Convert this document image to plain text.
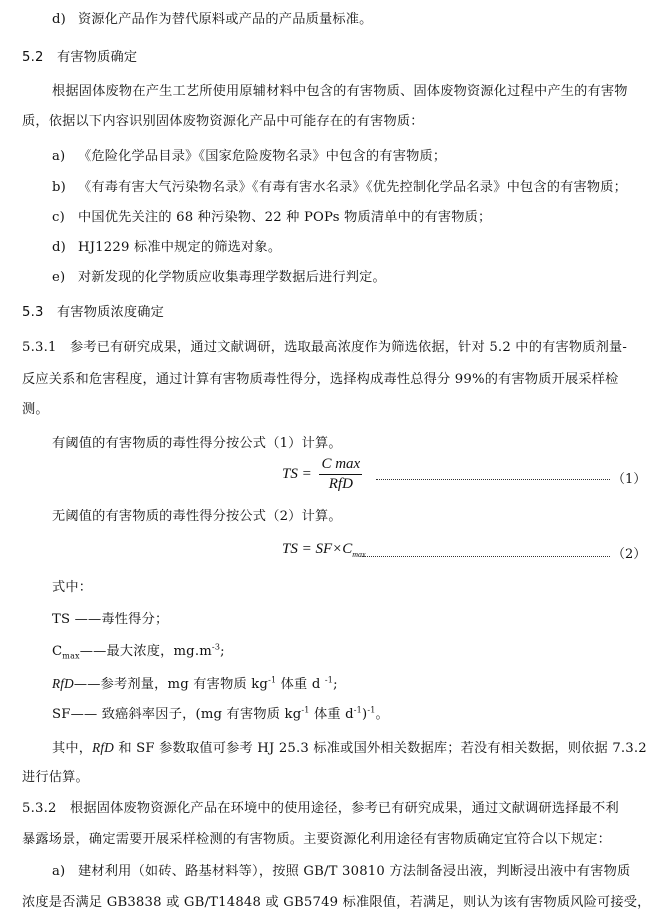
d) 资源化产品作为替代原料或产品的产品质量标准。
5.2　有害物质确定
根据固体废物在产生工艺所使用原辅材料中包含的有害物质、固体废物资源化过程中产生的有害物
质，依据以下内容识别固体废物资源化产品中可能存在的有害物质：
a) 《危险化学品目录》《国家危险废物名录》中包含的有害物质；
b) 《有毒有害大气污染物名录》《有毒有害水名录》《优先控制化学品名录》中包含的有害物质；
c) 中国优先关注的 68 种污染物、22 种 POPs 物质清单中的有害物质；
d) HJ1229 标准中规定的筛选对象。
e) 对新发现的化学物质应收集毒理学数据后进行判定。
5.3　有害物质浓度确定
5.3.1　参考已有研究成果，通过文献调研，选取最高浓度作为筛选依据，针对 5.2 中的有害物质剂量-
反应关系和危害程度，通过计算有害物质毒性得分，选择构成毒性总得分 99%的有害物质开展采样检
测。
有阈值的有害物质的毒性得分按公式（1）计算。
TS = $\frac{\text{C max}}{\text{RfD}}$	（1）
无阈值的有害物质的毒性得分按公式（2）计算。
TS = $SF\times C_{max}$	（2）
式中：
TS ——毒性得分；
$C_{max}——$最大浓度，$mg.m^{-3}$;
RfD——参考剂量，mg 有害物质 $kg^{-1}$ 体重 d $^{-1}$;
SF—— 致癌斜率因子，(mg 有害物质 $kg^{-1}$ 体重 $d^{-1})^{-1}$。
其中，RfD 和 SF 参数取值可参考 HJ 25.3 标准或国外相关数据库；若没有相关数据，则依据 7.3.2
进行估算。
5.3.2　根据固体废物资源化产品在环境中的使用途径，参考已有研究成果，通过文献调研选择最不利
暴露场景，确定需要开展采样检测的有害物质。主要资源化利用途径有害物质确定宜符合以下规定：
a) 建材利用（如砖、路基材料等），按照 GB/T 30810 方法制备浸出液，判断浸出液中有害物质
浓度是否满足 GB3838 或 GB/T14848 或 GB5749 标准限值，若满足，则认为该有害物质风险可接受，
